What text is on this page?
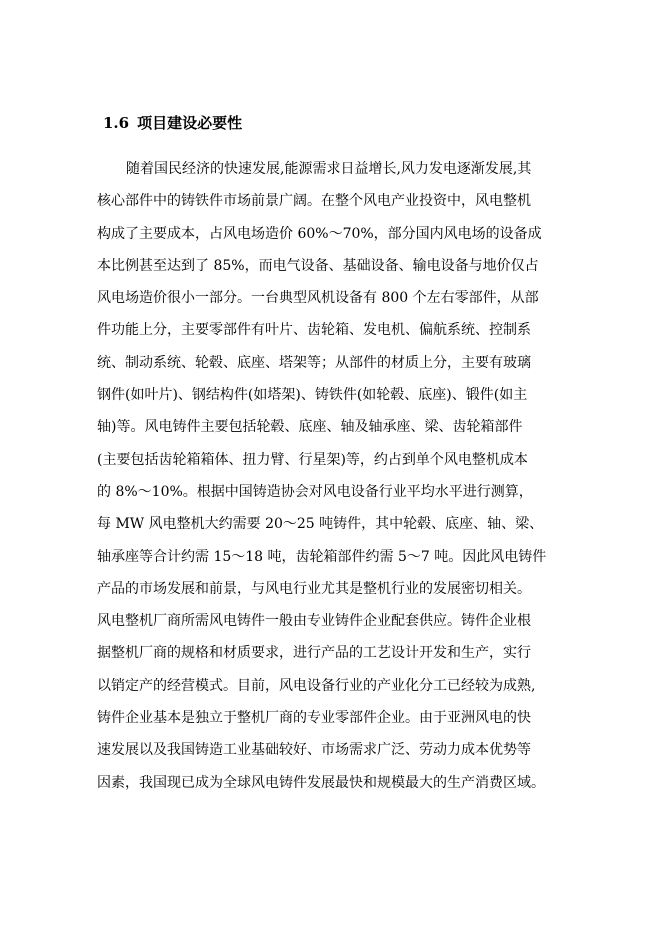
1.6 项目建设必要性
随着国民经济的快速发展,能源需求日益增长,风力发电逐渐发展,其
核心部件中的铸铁件市场前景广阔。在整个风电产业投资中，风电整机
构成了主要成本，占风电场造价 60%～70%，部分国内风电场的设备成
本比例甚至达到了 85%，而电气设备、基础设备、输电设备与地价仅占
风电场造价很小一部分。一台典型风机设备有 800 个左右零部件，从部
件功能上分，主要零部件有叶片、齿轮箱、发电机、偏航系统、控制系
统、制动系统、轮毂、底座、塔架等；从部件的材质上分，主要有玻璃
钢件(如叶片)、钢结构件(如塔架)、铸铁件(如轮毂、底座)、锻件(如主
轴)等。风电铸件主要包括轮毂、底座、轴及轴承座、梁、齿轮箱部件
(主要包括齿轮箱箱体、扭力臂、行星架)等，约占到单个风电整机成本
的 8%～10%。根据中国铸造协会对风电设备行业平均水平进行测算，
每 MW 风电整机大约需要 20～25 吨铸件，其中轮毂、底座、轴、梁、
轴承座等合计约需 15～18 吨，齿轮箱部件约需 5～7 吨。因此风电铸件
产品的市场发展和前景，与风电行业尤其是整机行业的发展密切相关。
风电整机厂商所需风电铸件一般由专业铸件企业配套供应。铸件企业根
据整机厂商的规格和材质要求，进行产品的工艺设计开发和生产，实行
以销定产的经营模式。目前，风电设备行业的产业化分工已经较为成熟,
铸件企业基本是独立于整机厂商的专业零部件企业。由于亚洲风电的快
速发展以及我国铸造工业基础较好、市场需求广泛、劳动力成本优势等
因素，我国现已成为全球风电铸件发展最快和规模最大的生产消费区域。
